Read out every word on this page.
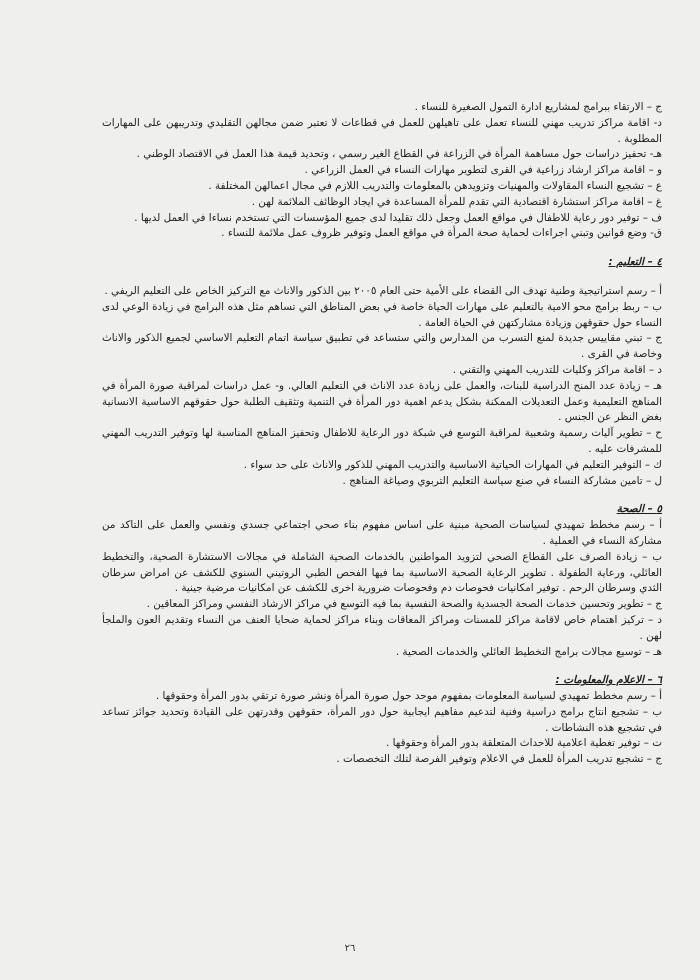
ج – الارتقاء ببرامج لمشاريع ادارة التمول الصغيرة للنساء .

د- اقامة مراكز تدريب مهني للنساء تعمل على تاهيلهن للعمل في قطاعات لا تعتبر ضمن مجالهن التقليدي وتدريبهن على المهارات المطلوبة .

هـ- تحفيز دراسات حول مساهمة المرأة في الزراعة في القطاع الغير رسمي ، وتحديد قيمة هذا العمل في الاقتصاد الوطني .

و – اقامة مراكز ارشاد زراعية في القرى لتطوير مهارات النساء في العمل الزراعي .

ع – تشجيع النساء المقاولات والمهنيات وتزويدهن بالمعلومات والتدريب اللازم في مجال اعمالهن المختلفة .

غ – اقامة مراكز استشارة اقتصادية التي تقدم للمرأة المساعدة في ايجاد الوظائف الملائمة لهن .

ف – توفير دور رعاية للاطفال في مواقع العمل وجعل ذلك تقليدا لدى جميع المؤسسات التي تستخدم نساءا في العمل لديها .

ق- وضع قوانين وتبني اجراءات لحماية صحة المرأة في مواقع العمل وتوفير ظروف عمل ملائمة للنساء .

٤ – التعليم :

أ – رسم استراتيجية وطنية تهدف الى القضاء على الأمية حتى العام ٢٠٠٥ بين الذكور والاناث مع التركيز الخاص على التعليم الريفي .

ب – ربط برامج محو الامية بالتعليم على مهارات الحياة خاصة في بعض المناطق التي تساهم مثل هذه البرامج في زيادة الوعي لدى النساء حول حقوقهن وزيادة مشاركتهن في الحياة العامة .

ج – تبني مقاييس جديدة لمنع التسرب من المدارس والتي ستساعد في تطبيق سياسة اتمام التعليم الاساسي لجميع الذكور والاناث وخاصة في القرى .

د – اقامة مراكز وكليات للتدريب المهني والتقني .

هـ – زيادة عدد المنح الدراسية للبنات، والعمل على زيادة عدد الاناث في التعليم العالي. و- عمل دراسات لمراقبة صورة المرأة في المناهج التعليمية وعمل التعديلات الممكنة بشكل يدعم اهمية دور المرأة في التنمية وتثقيف الطلبة حول حقوقهم الاساسية الانسانية بغض النظر عن الجنس .

ح – تطوير آليات رسمية وشعبية لمراقبة التوسع في شبكة دور الرعاية للاطفال وتحفيز المناهج المناسبة لها وتوفير التدريب المهني للمشرفات عليه .

ك – التوفير التعليم في المهارات الحياتية الاساسية والتدريب المهني للذكور والاناث على حد سواء .

ل – تامين مشاركة النساء في صنع سياسة التعليم التربوي وصياغة المناهج .

٥ – الصحة

أ – رسم مخطط تمهيدي لسياسات الصحية مبنية على اساس مفهوم بناء صحي اجتماعي جسدي ونفسي والعمل على التاكد من مشاركة النساء في العملية .

ب – زيادة الصرف على القطاع الصحي لتزويد المواطنين بالخدمات الصحية الشاملة في مجالات الاستشارة الصحية، والتخطيط العائلي، ورعاية الطفولة . تطوير الرعاية الصحية الاساسية بما فيها الفحص الطبي الروتيني السنوي للكشف عن امراض سرطان الثدي وسرطان الرحم . توفير امكانيات فحوصات دم وفحوصات ضرورية اخرى للكشف عن امكانيات مرضية جينية .

ج – تطوير وتحسين خدمات الصحة الجسدية والصحة النفسية بما فيه التوسع في مراكز الارشاد النفسي ومراكز المعاقين .

د – تركيز اهتمام خاص لاقامة مراكز للمسنات ومراكز المعاقات وبناء مراكز لحماية ضحايا العنف من النساء وتقديم العون والملجأ لهن .

هـ – توسيع مجالات برامج التخطيط العائلي والخدمات الصحية .

٦ – الاعلام والمعلومات :

أ – رسم مخطط تمهيدي لسياسة المعلومات بمفهوم موحد حول صورة المرأة ونشر صورة ترتقي بدور المرأة وحقوقها .

ب – تشجيع انتاج برامج دراسية وفنية لتدعيم مفاهيم ايجابية حول دور المرأة، حقوقهن وقدرتهن على القيادة وتحديد جوائز تساعد في تشجيع هذه النشاطات .

ت – توفير تغطية اعلامية للاحداث المتعلقة بدور المرأة وحقوقها .

ج – تشجيع تدريب المرأة للعمل في الاعلام وتوفير الفرصة لتلك التخصصات .

٢٦
